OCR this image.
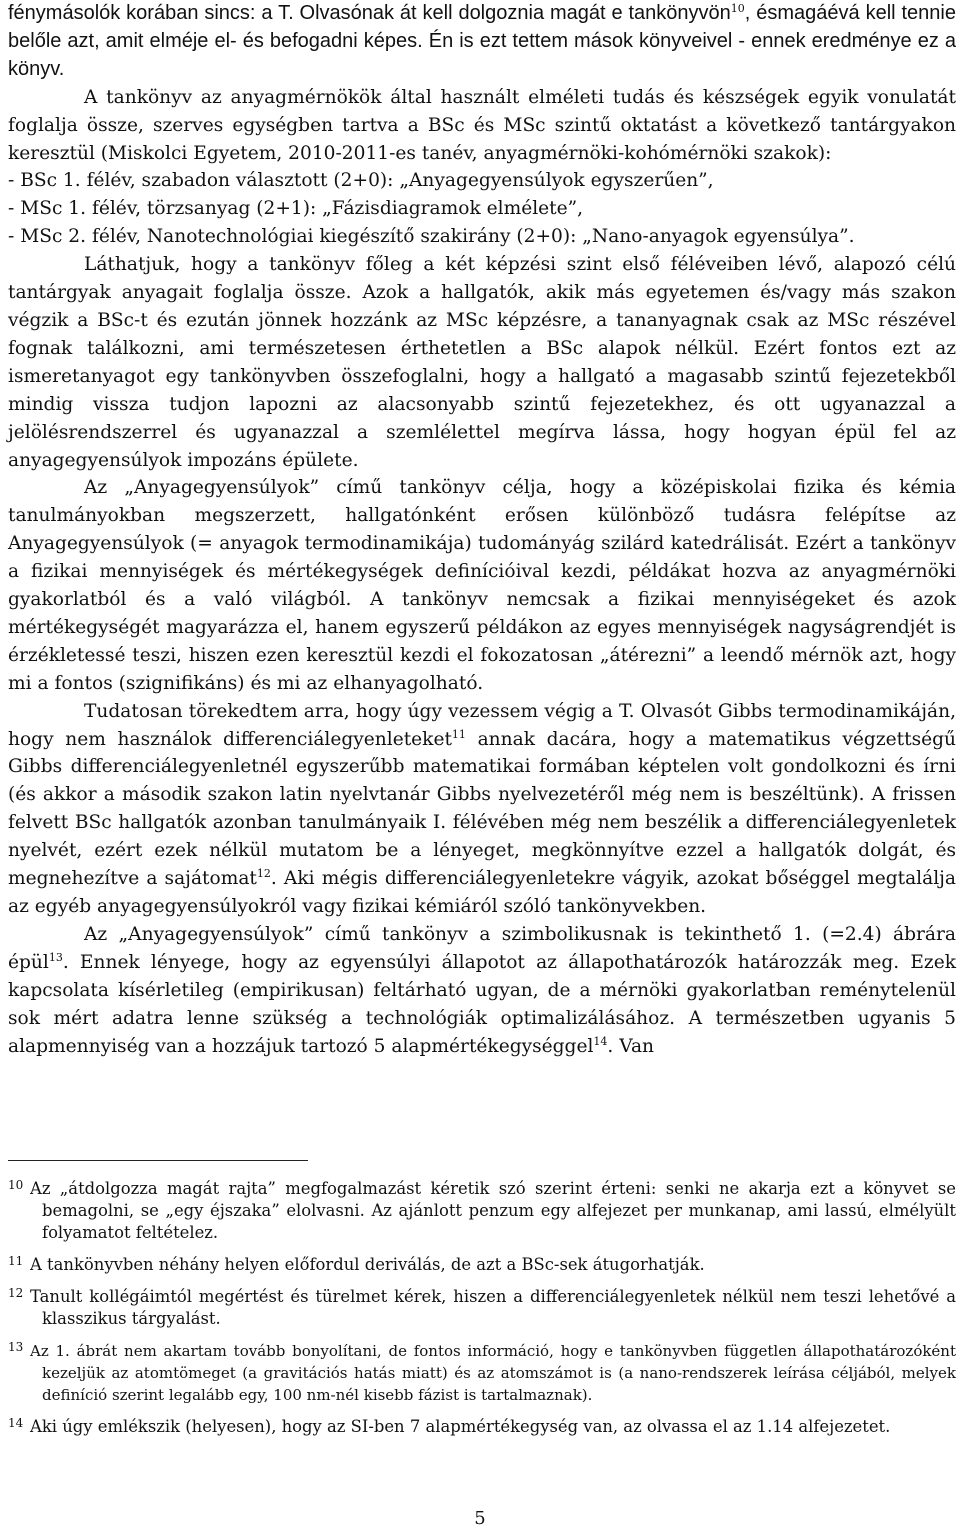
fénymásolók korában sincs: a T. Olvasónak át kell dolgoznia magát e tankönyvön$^{10}$, ésmagáévá kell tennie belőle azt, amit elméje el- és befogadni képes. Én is ezt tettem mások könyveivel - ennek eredménye ez a könyv.

A tankönyv az anyagmérnökök által használt elméleti tudás és készségek egyik vonulatát foglalja össze, szerves egységben tartva a BSc és MSc szintű oktatást a következő tantárgyakon keresztül (Miskolci Egyetem, 2010-2011-es tanév, anyagmérnöki-kohómérnöki szakok):

- BSc 1. félév, szabadon választott (2+0): „Anyagegyensúlyok egyszerűen”,

- MSc 1. félév, törzsanyag (2+1): „Fázisdiagramok elmélete”,

- MSc 2. félév, Nanotechnológiai kiegészítő szakirány (2+0): „Nano-anyagok egyensúlya”.

Láthatjuk, hogy a tankönyv főleg a két képzési szint első féléveiben lévő, alapozó célú tantárgyak anyagait foglalja össze. Azok a hallgatók, akik más egyetemen és/vagy más szakon végzik a BSc-t és ezután jönnek hozzánk az MSc képzésre, a tananyagnak csak az MSc részével fognak találkozni, ami természetesen érthetetlen a BSc alapok nélkül. Ezért fontos ezt az ismeretanyagot egy tankönyvben összefoglalni, hogy a hallgató a magasabb szintű fejezetekből mindig vissza tudjon lapozni az alacsonyabb szintű fejezetekhez, és ott ugyanazzal a jelölésrendszerrel és ugyanazzal a szemlélettel megírva lássa, hogy hogyan épül fel az anyagegyensúlyok impozáns épülete.

Az „Anyagegyensúlyok” című tankönyv célja, hogy a középiskolai fizika és kémia tanulmányokban megszerzett, hallgatónként erősen különböző tudásra felépítse az Anyagegyensúlyok (= anyagok termodinamikája) tudományág szilárd katedrálisát. Ezért a tankönyv a fizikai mennyiségek és mértékegységek definícióival kezdi, példákat hozva az anyagmérnöki gyakorlatból és a való világból. A tankönyv nemcsak a fizikai mennyiségeket és azok mértékegységét magyarázza el, hanem egyszerű példákon az egyes mennyiségek nagyságrendjét is érzékletessé teszi, hiszen ezen keresztül kezdi el fokozatosan „átérezni” a leendő mérnök azt, hogy mi a fontos (szignifikáns) és mi az elhanyagolható.

Tudatosan törekedtem arra, hogy úgy vezessem végig a T. Olvasót Gibbs termodinamikáján, hogy nem használok differenciálegyenleteket$^{11}$ annak dacára, hogy a matematikus végzettségű Gibbs differenciálegyenletnél egyszerűbb matematikai formában képtelen volt gondolkozni és írni (és akkor a második szakon latin nyelvtanár Gibbs nyelvezetéről még nem is beszéltünk). A frissen felvett BSc hallgatók azonban tanulmányaik I. félévében még nem beszélik a differenciálegyenletek nyelvét, ezért ezek nélkül mutatom be a lényeget, megkönnyítve ezzel a hallgatók dolgát, és megnehezítve a sajátomat$^{12}$. Aki mégis differenciálegyenletekre vágyik, azokat bőséggel megtalálja az egyéb anyagegyensúlyokról vagy fizikai kémiáról szóló tankönyvekben.

Az „Anyagegyensúlyok” című tankönyv a szimbolikusnak is tekinthető 1. (=2.4) ábrára épül$^{13}$. Ennek lényege, hogy az egyensúlyi állapotot az állapothatározók határozzák meg. Ezek kapcsolata kísérletileg (empirikusan) feltárható ugyan, de a mérnöki gyakorlatban reménytelenül sok mért adatra lenne szükség a technológiák optimalizálásához. A természetben ugyanis 5 alapmennyiség van a hozzájuk tartozó 5 alapmértékegységgel$^{14}$. Van

10 Az „átdolgozza magát rajta” megfogalmazást kéretik szó szerint érteni: senki ne akarja ezt a könyvet se bemagolni, se „egy éjszaka” elolvasni. Az ajánlott penzum egy alfejezet per munkanap, ami lassú, elmélyült folyamatot feltételez.

11 A tankönyvben néhány helyen előfordul deriválás, de azt a BSc-sek átugorhatják.

12 Tanult kollégáimtól megértést és türelmet kérek, hiszen a differenciálegyenletek nélkül nem teszi lehetővé a klasszikus tárgyalást.

13 Az 1. ábrát nem akartam tovább bonyolítani, de fontos információ, hogy e tankönyvben független állapothatározóként kezeljük az atomtömeget (a gravitációs hatás miatt) és az atomszámot is (a nano-rendszerek leírása céljából, melyek definíció szerint legalább egy, 100 nm-nél kisebb fázist is tartalmaznak).

14 Aki úgy emlékszik (helyesen), hogy az SI-ben 7 alapmértékegység van, az olvassa el az 1.14 alfejezetet.

5
